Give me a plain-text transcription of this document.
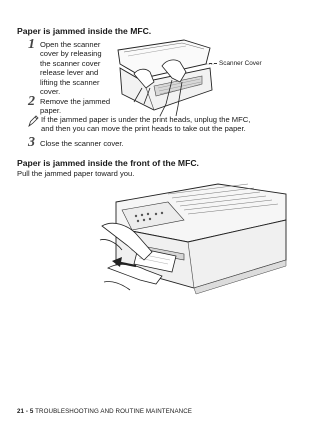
Paper is jammed inside the MFC.
1 Open the scanner
cover by releasing
the scanner cover
release lever and
lifting the scanner
cover.
Scanner Cover
2 Remove the jammed
paper.
If the jammed paper is under the print heads, unplug the MFC,
and then you can move the print heads to take out the paper.
3 Close the scanner cover.
Paper is jammed inside the front of the MFC.
Pull the jammed paper toward you.
21 - 5 TROUBLESHOOTING AND ROUTINE MAINTENANCE
